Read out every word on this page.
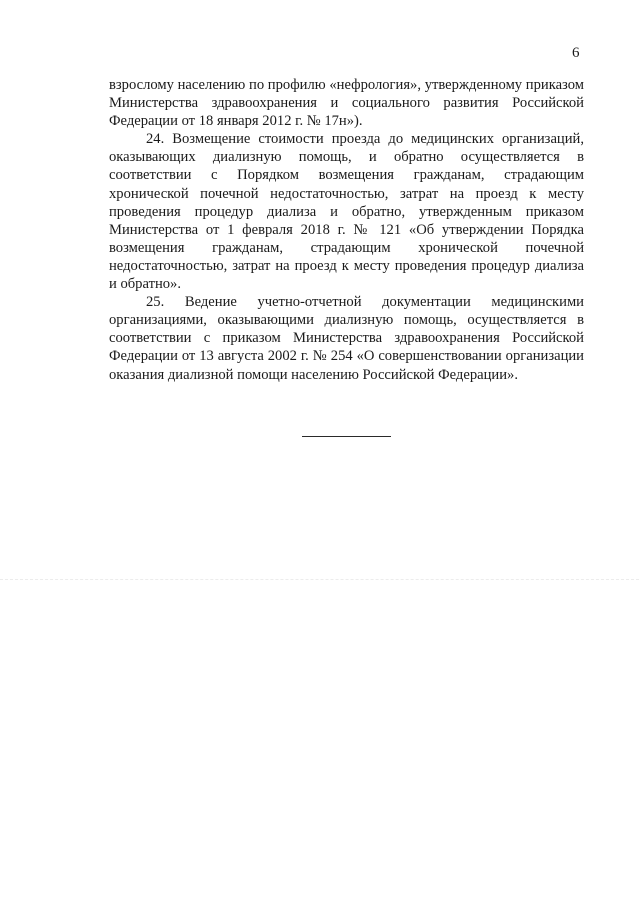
6

взрослому населению по профилю «нефрология», утвержденному приказом Министерства здравоохранения и социального развития Российской Федерации от 18 января 2012 г. № 17н»).

24. Возмещение стоимости проезда до медицинских организаций, оказывающих диализную помощь, и обратно осуществляется в соответствии с Порядком возмещения гражданам, страдающим хронической почечной недостаточностью, затрат на проезд к месту проведения процедур диализа и обратно, утвержденным приказом Министерства от 1 февраля 2018 г. № 121 «Об утверждении Порядка возмещения гражданам, страдающим хронической почечной недостаточностью, затрат на проезд к месту проведения процедур диализа и обратно».

25. Ведение учетно-отчетной документации медицинскими организациями, оказывающими диализную помощь, осуществляется в соответствии с приказом Министерства здравоохранения Российской Федерации от 13 августа 2002 г. № 254 «О совершенствовании организации оказания диализной помощи населению Российской Федерации».
